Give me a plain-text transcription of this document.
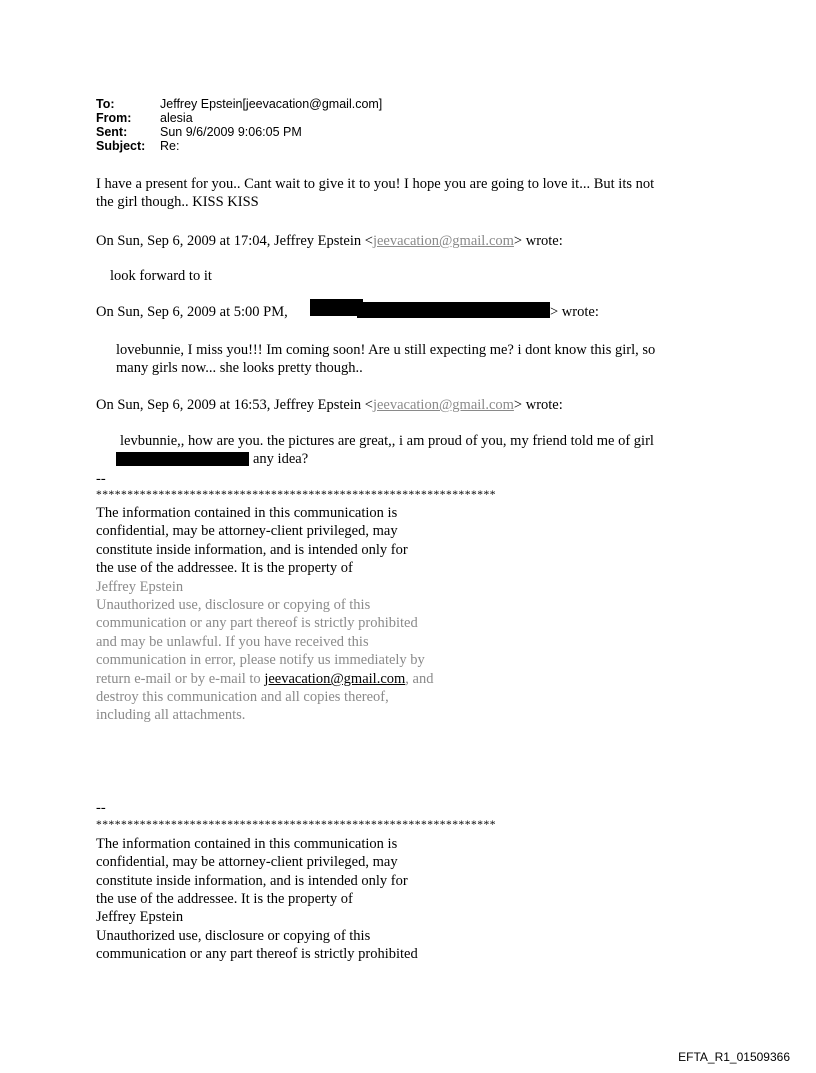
To:	Jeffrey Epstein[jeevacation@gmail.com]
From:	alesia
Sent:	Sun 9/6/2009 9:06:05 PM
Subject:	Re:
I have a present for you.. Cant wait to give it to you! I hope you are going to love it... But its not
the girl though.. KISS KISS
On Sun, Sep 6, 2009 at 17:04, Jeffrey Epstein <jeevacation@gmail.com> wrote:
look forward to it
On Sun, Sep 6, 2009 at 5:00 PM,	> wrote:
lovebunnie, I miss you!!! Im coming soon! Are u still expecting me? i dont know this girl, so
many girls now... she looks pretty though..
On Sun, Sep 6, 2009 at 16:53, Jeffrey Epstein <jeevacation@gmail.com> wrote:
levbunnie,, how are you. the pictures are great,, i am proud of you, my friend told me of girl
any idea?
--
****************************************************************
The information contained in this communication is
confidential, may be attorney-client privileged, may
constitute inside information, and is intended only for
the use of the addressee. It is the property of
Jeffrey Epstein
Unauthorized use, disclosure or copying of this
communication or any part thereof is strictly prohibited
and may be unlawful. If you have received this
communication in error, please notify us immediately by
return e-mail or by e-mail to jeevacation@gmail.com, and
destroy this communication and all copies thereof,
including all attachments.
--
****************************************************************
The information contained in this communication is
confidential, may be attorney-client privileged, may
constitute inside information, and is intended only for
the use of the addressee. It is the property of
Jeffrey Epstein
Unauthorized use, disclosure or copying of this
communication or any part thereof is strictly prohibited
EFTA_R1_01509366
